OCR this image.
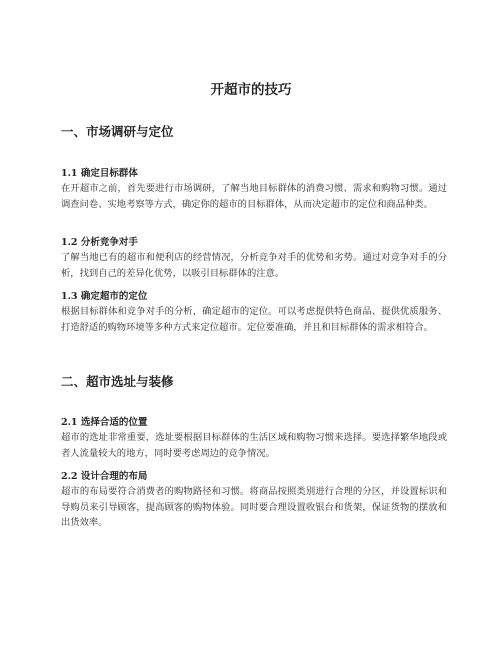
开超市的技巧
一、市场调研与定位
1.1 确定目标群体

在开超市之前，首先要进行市场调研，了解当地目标群体的消费习惯、需求和购物习惯。通过调查问卷、实地考察等方式，确定你的超市的目标群体，从而决定超市的定位和商品种类。

1.2 分析竞争对手

了解当地已有的超市和便利店的经营情况，分析竞争对手的优势和劣势。通过对竞争对手的分析，找到自己的差异化优势，以吸引目标群体的注意。

1.3 确定超市的定位

根据目标群体和竞争对手的分析，确定超市的定位。可以考虑提供特色商品、提供优质服务、打造舒适的购物环境等多种方式来定位超市。定位要准确，并且和目标群体的需求相符合。

二、超市选址与装修
2.1 选择合适的位置

超市的选址非常重要，选址要根据目标群体的生活区域和购物习惯来选择。要选择繁华地段或者人流量较大的地方，同时要考虑周边的竞争情况。

2.2 设计合理的布局

超市的布局要符合消费者的购物路径和习惯。将商品按照类别进行合理的分区，并设置标识和导购员来引导顾客，提高顾客的购物体验。同时要合理设置收银台和货架，保证货物的摆放和出货效率。
